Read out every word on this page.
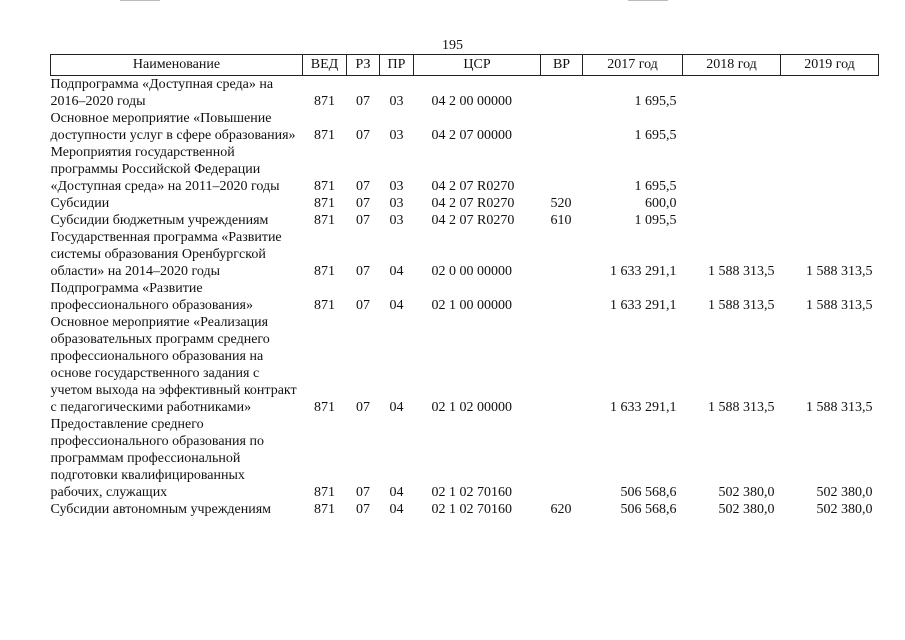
195
Наименование	ВЕД	РЗ	ПР	ЦСР	ВР	2017 год	2018 год	2019 год
Подпрограмма «Доступная среда» на 2016–2020 годы	871	07	03	04 2 00 00000		1 695,5		
Основное мероприятие «Повышение доступности услуг в сфере образования»	871	07	03	04 2 07 00000		1 695,5		
Мероприятия государственной программы Российской Федерации «Доступная среда» на 2011–2020 годы	871	07	03	04 2 07 R0270		1 695,5		
Субсидии	871	07	03	04 2 07 R0270	520	600,0		
Субсидии бюджетным учреждениям	871	07	03	04 2 07 R0270	610	1 095,5		
Государственная программа «Развитие системы образования Оренбургской области» на 2014–2020 годы	871	07	04	02 0 00 00000		1 633 291,1	1 588 313,5	1 588 313,5
Подпрограмма «Развитие профессионального образования»	871	07	04	02 1 00 00000		1 633 291,1	1 588 313,5	1 588 313,5
Основное мероприятие «Реализация образовательных программ среднего профессионального образования на основе государственного задания с учетом выхода на эффективный контракт с педагогическими работниками»	871	07	04	02 1 02 00000		1 633 291,1	1 588 313,5	1 588 313,5
Предоставление среднего профессионального образования по программам профессиональной подготовки квалифицированных рабочих, служащих	871	07	04	02 1 02 70160		506 568,6	502 380,0	502 380,0
Субсидии автономным учреждениям	871	07	04	02 1 02 70160	620	506 568,6	502 380,0	502 380,0
